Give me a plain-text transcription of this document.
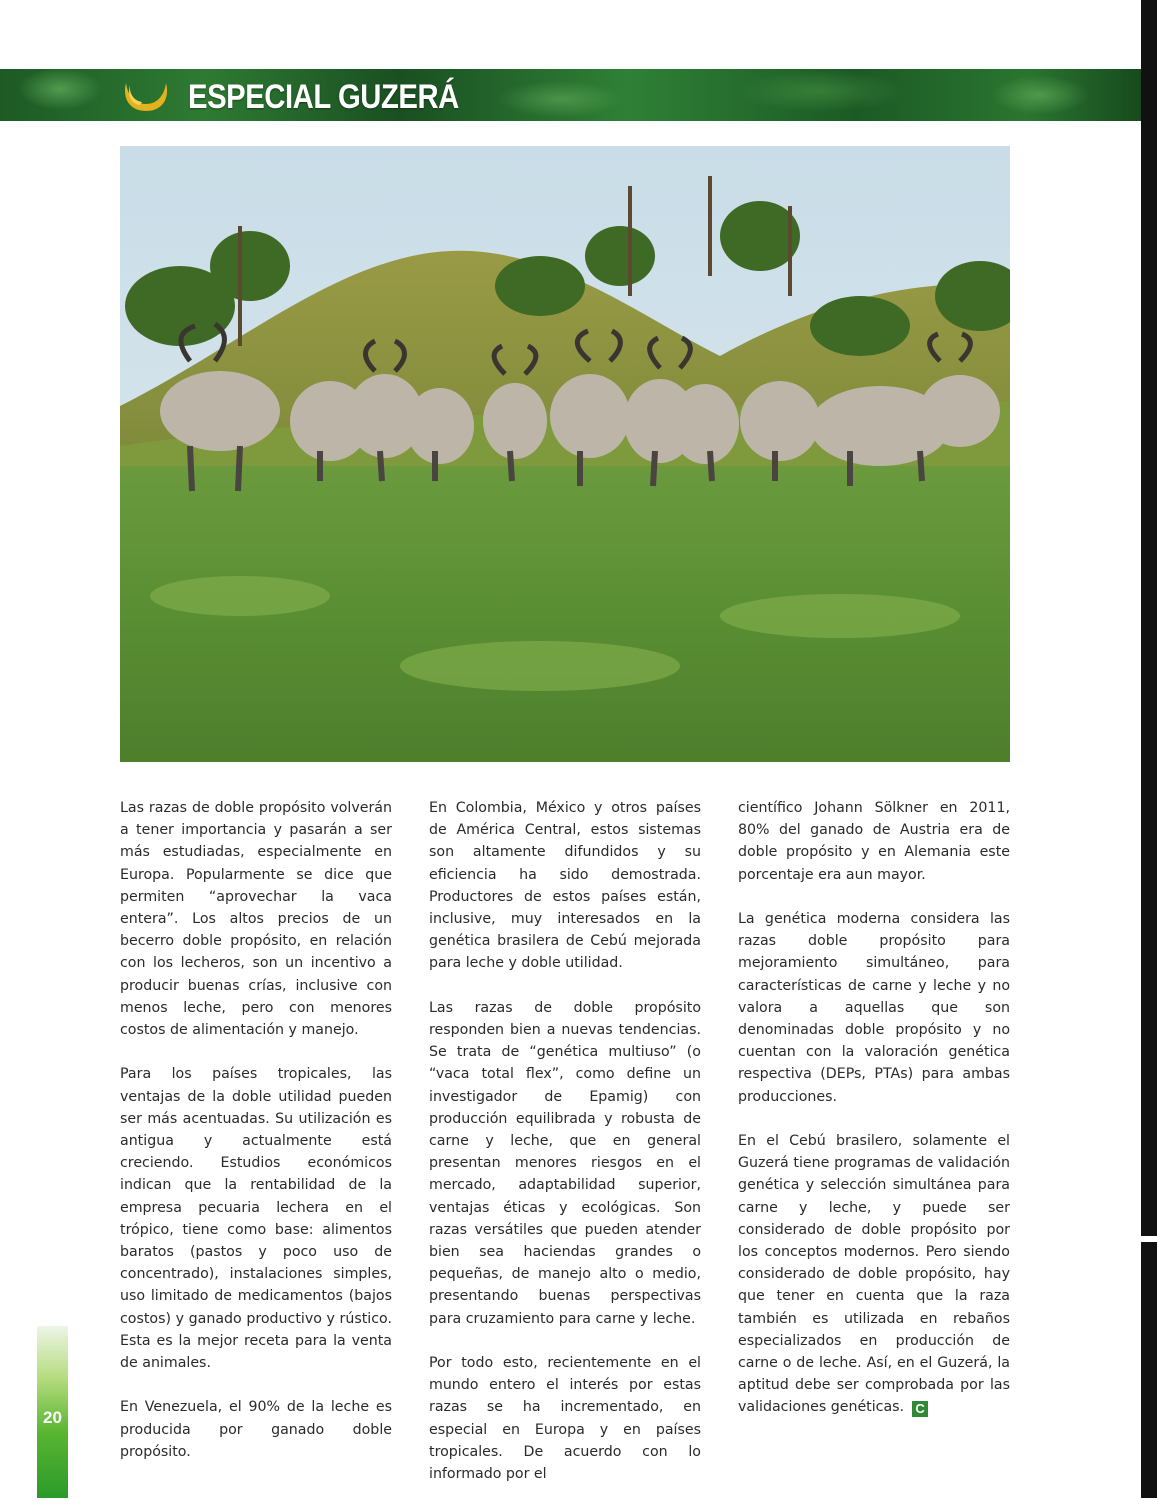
ESPECIAL GUZERÁ

Las razas de doble propósito volverán a tener importancia y pasarán a ser más estudiadas, especialmente en Europa. Popularmente se dice que permiten “aprovechar la vaca entera”. Los altos precios de un becerro doble propósito, en relación con los lecheros, son un incentivo a producir buenas crías, inclusive con menos leche, pero con menores costos de alimentación y manejo.

Para los países tropicales, las ventajas de la doble utilidad pueden ser más acentuadas. Su utilización es antigua y actualmente está creciendo. Estudios económicos indican que la rentabilidad de la empresa pecuaria lechera en el trópico, tiene como base: alimentos baratos (pastos y poco uso de concentrado), instalaciones simples, uso limitado de medicamentos (bajos costos) y ganado productivo y rústico. Esta es la mejor receta para la venta de animales.

En Venezuela, el 90% de la leche es producida por ganado doble propósito.

En Colombia, México y otros países de América Central, estos sistemas son altamente difundidos y su eficiencia ha sido demostrada. Productores de estos países están, inclusive, muy interesados en la genética brasilera de Cebú mejorada para leche y doble utilidad.

Las razas de doble propósito responden bien a nuevas tendencias. Se trata de “genética multiuso” (o “vaca total flex”, como define un investigador de Epamig) con producción equilibrada y robusta de carne y leche, que en general presentan menores riesgos en el mercado, adaptabilidad superior, ventajas éticas y ecológicas. Son razas versátiles que pueden atender bien sea haciendas grandes o pequeñas, de manejo alto o medio, presentando buenas perspectivas para cruzamiento para carne y leche.

Por todo esto, recientemente en el mundo entero el interés por estas razas se ha incrementado, en especial en Europa y en países tropicales. De acuerdo con lo informado por el

científico Johann Sölkner en 2011, 80% del ganado de Austria era de doble propósito y en Alemania este porcentaje era aun mayor.

La genética moderna considera las razas doble propósito para mejoramiento simultáneo, para características de carne y leche y no valora a aquellas que son denominadas doble propósito y no cuentan con la valoración genética respectiva (DEPs, PTAs) para ambas producciones.

En el Cebú brasilero, solamente el Guzerá tiene programas de validación genética y selección simultánea para carne y leche, y puede ser considerado de doble propósito por los conceptos modernos. Pero siendo considerado de doble propósito, hay que tener en cuenta que la raza también es utilizada en rebaños especializados en producción de carne o de leche. Así, en el Guzerá, la aptitud debe ser comprobada por las validaciones genéticas. C

20
